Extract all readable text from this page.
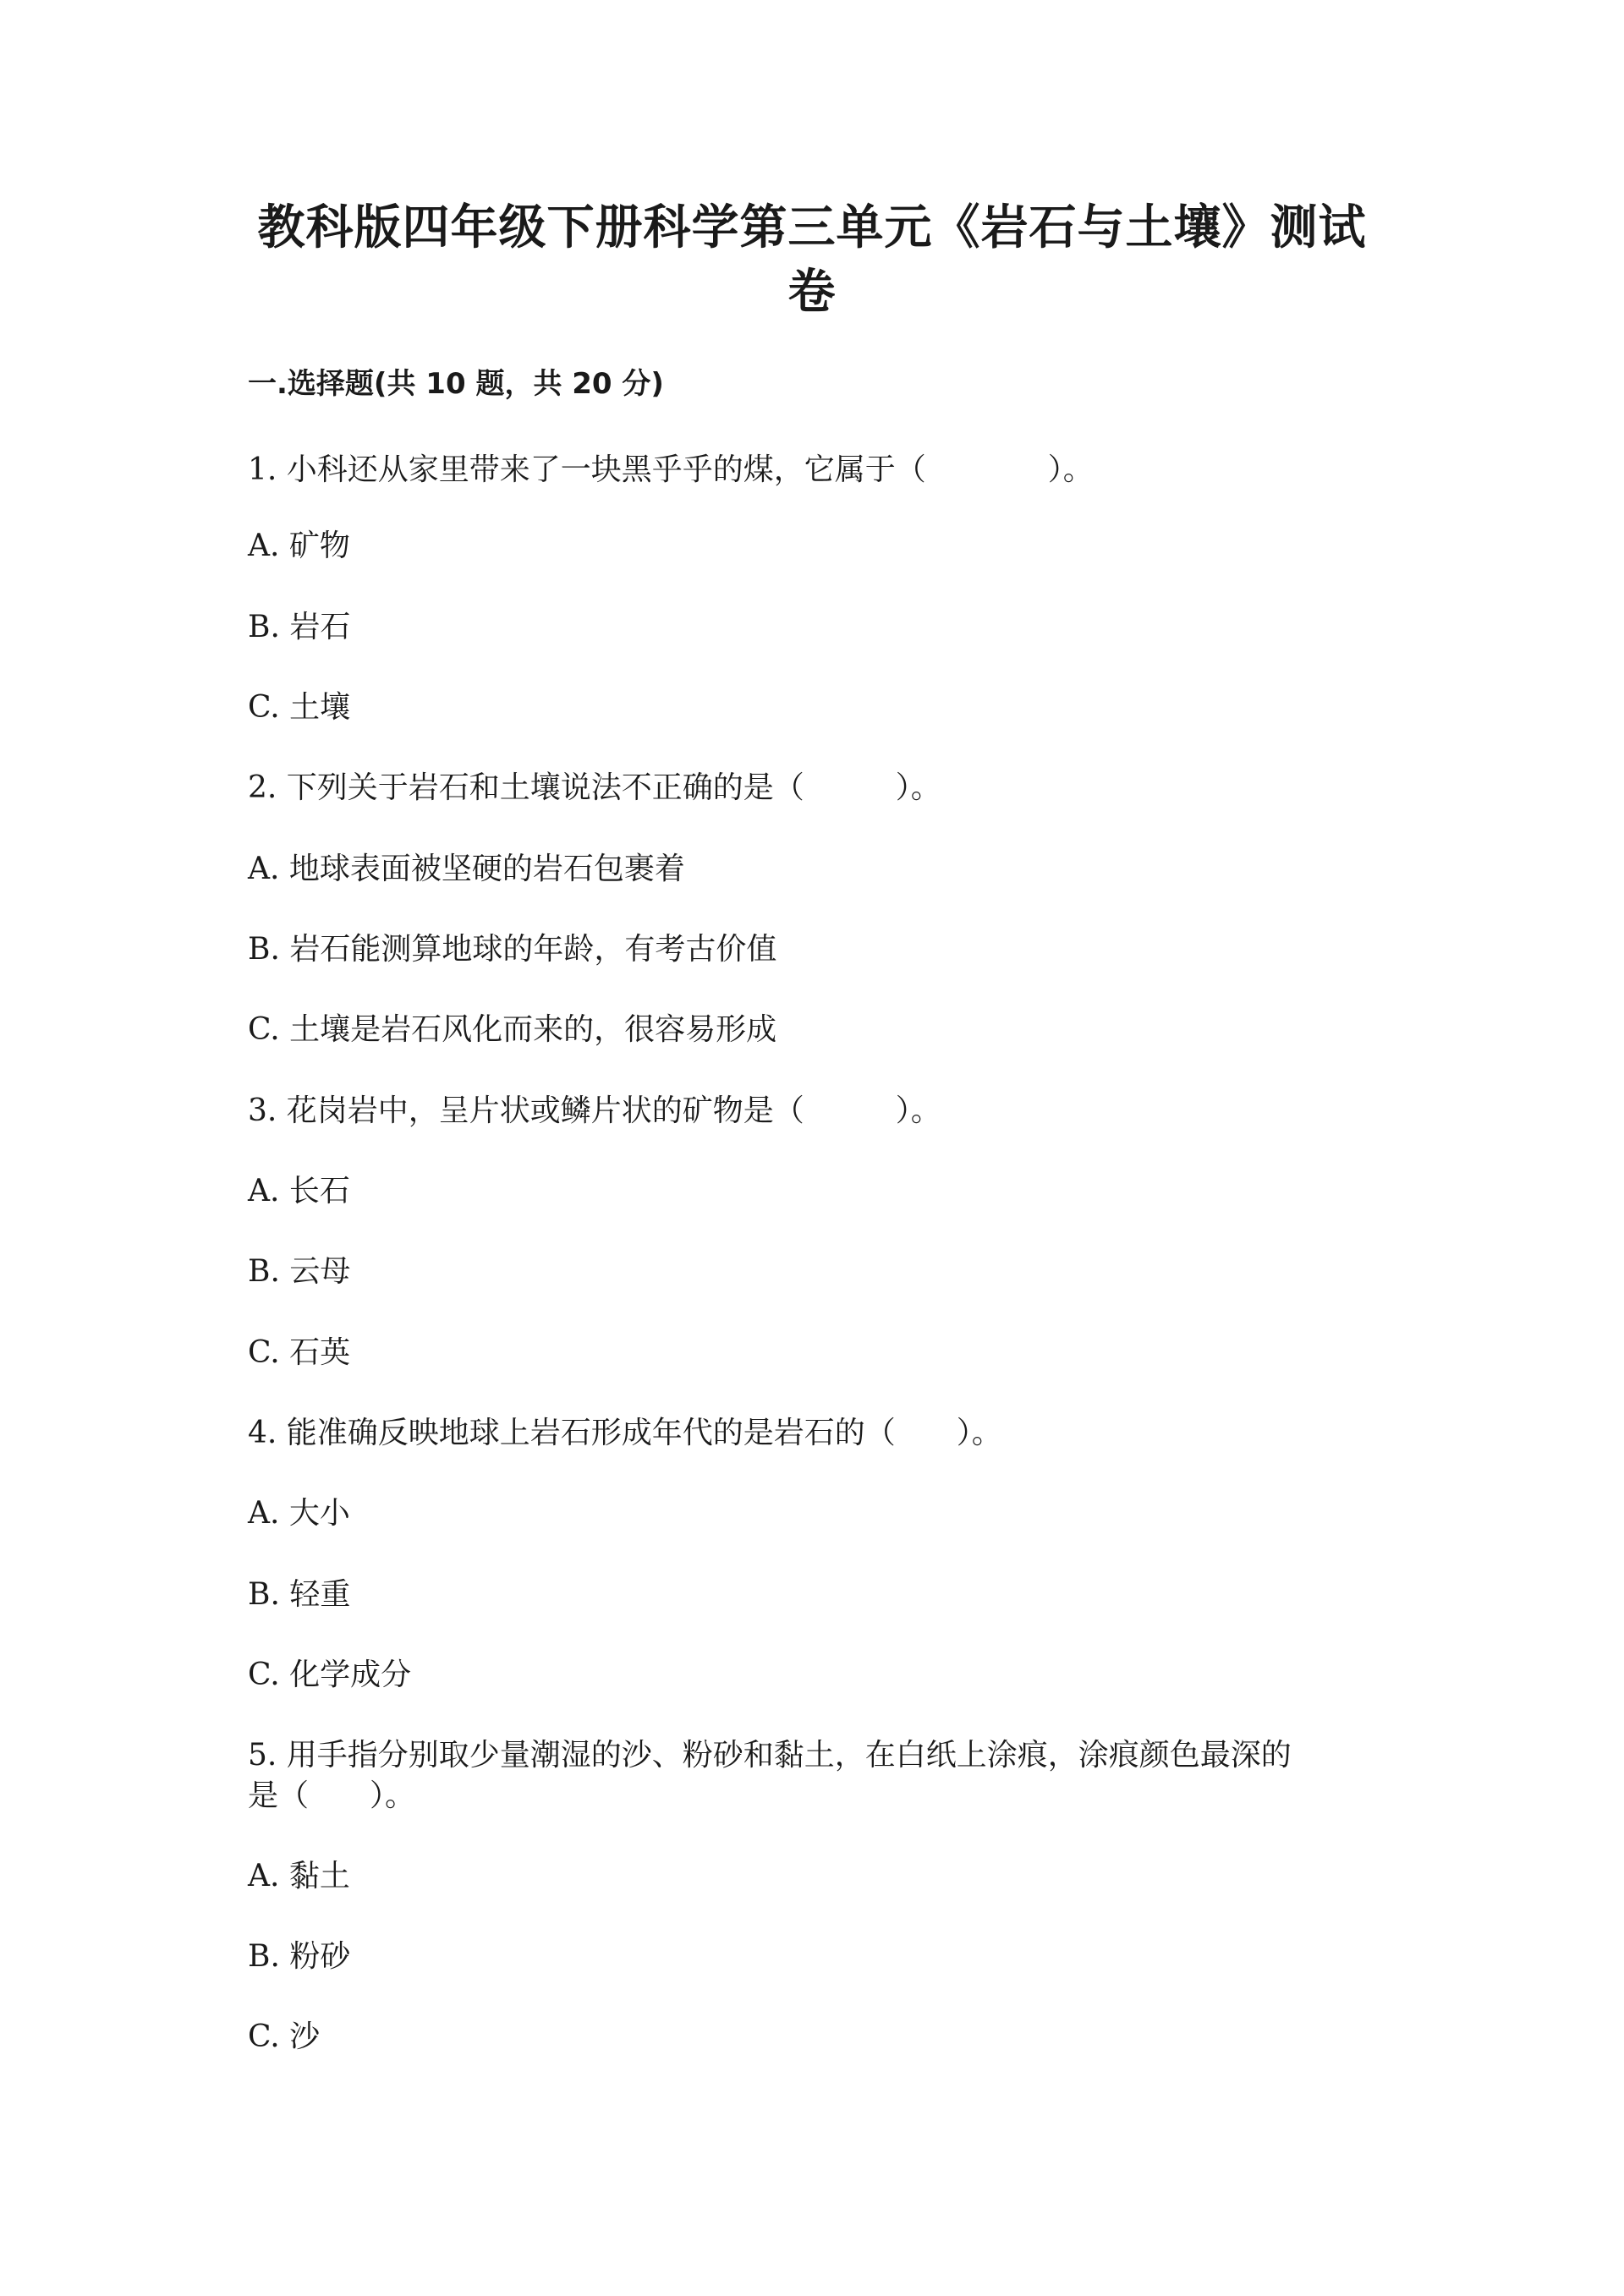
教科版四年级下册科学第三单元《岩石与土壤》测试卷
一.选择题(共 10 题，共 20 分)
1. 小科还从家里带来了一块黑乎乎的煤，它属于（　　　　）。
A. 矿物
B. 岩石
C. 土壤
2. 下列关于岩石和土壤说法不正确的是（　　　）。
A. 地球表面被坚硬的岩石包裹着
B. 岩石能测算地球的年龄，有考古价值
C. 土壤是岩石风化而来的，很容易形成
3. 花岗岩中，呈片状或鳞片状的矿物是（　　　）。
A. 长石
B. 云母
C. 石英
4. 能准确反映地球上岩石形成年代的是岩石的（　　）。
A. 大小
B. 轻重
C. 化学成分
5. 用手指分别取少量潮湿的沙、粉砂和黏土，在白纸上涂痕，涂痕颜色最深的
是（　　）。
A. 黏土
B. 粉砂
C. 沙
